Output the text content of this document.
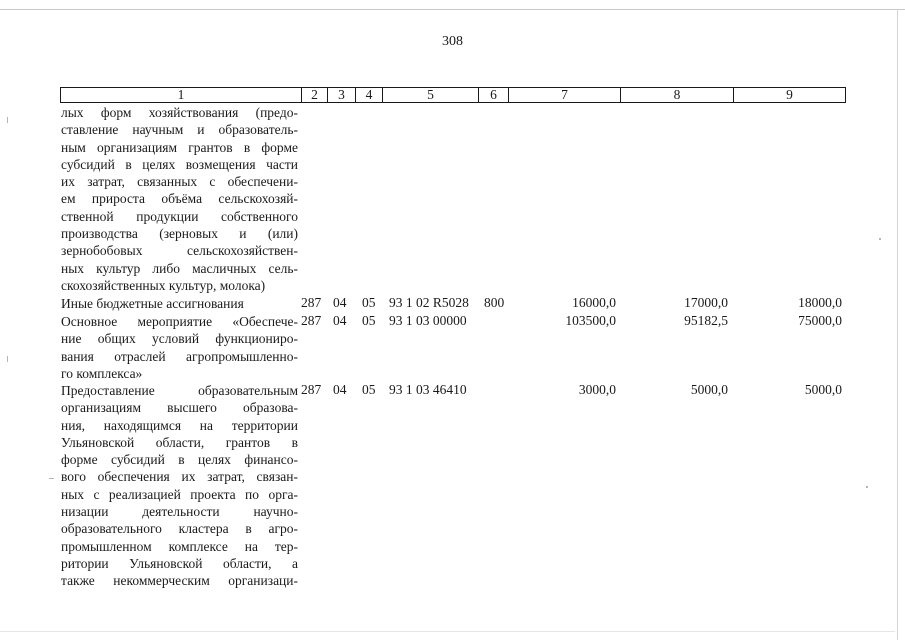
308
1	2	3	4	5	6	7	8	9
лых форм хозяйствования (предо-
ставление научным и образователь-
ным организациям грантов в форме
субсидий в целях возмещения части
их затрат, связанных с обеспечени-
ем прироста объёма сельскохозяй-
ственной продукции собственного
производства (зерновых и (или)
зернобобовых сельскохозяйствен-
ных культур либо масличных сель-
скохозяйственных культур, молока)
Иные бюджетные ассигнования	287 04 05 93 1 02 R5028 800	16000,0	17000,0	18000,0
Основное мероприятие «Обеспече-
ние общих условий функциониро-
вания отраслей агропромышленно-
го комплекса»
287 04 05 93 1 03 00000	103500,0	95182,5	75000,0
Предоставление образовательным
организациям высшего образова-
ния, находящимся на территории
Ульяновской области, грантов в
форме субсидий в целях финансо-
вого обеспечения их затрат, связан-
ных с реализацией проекта по орга-
низации деятельности научно-
образовательного кластера в агро-
промышленном комплексе на тер-
ритории Ульяновской области, а
также некоммерческим организаци-
287 04 05 93 1 03 46410	3000,0	5000,0	5000,0
